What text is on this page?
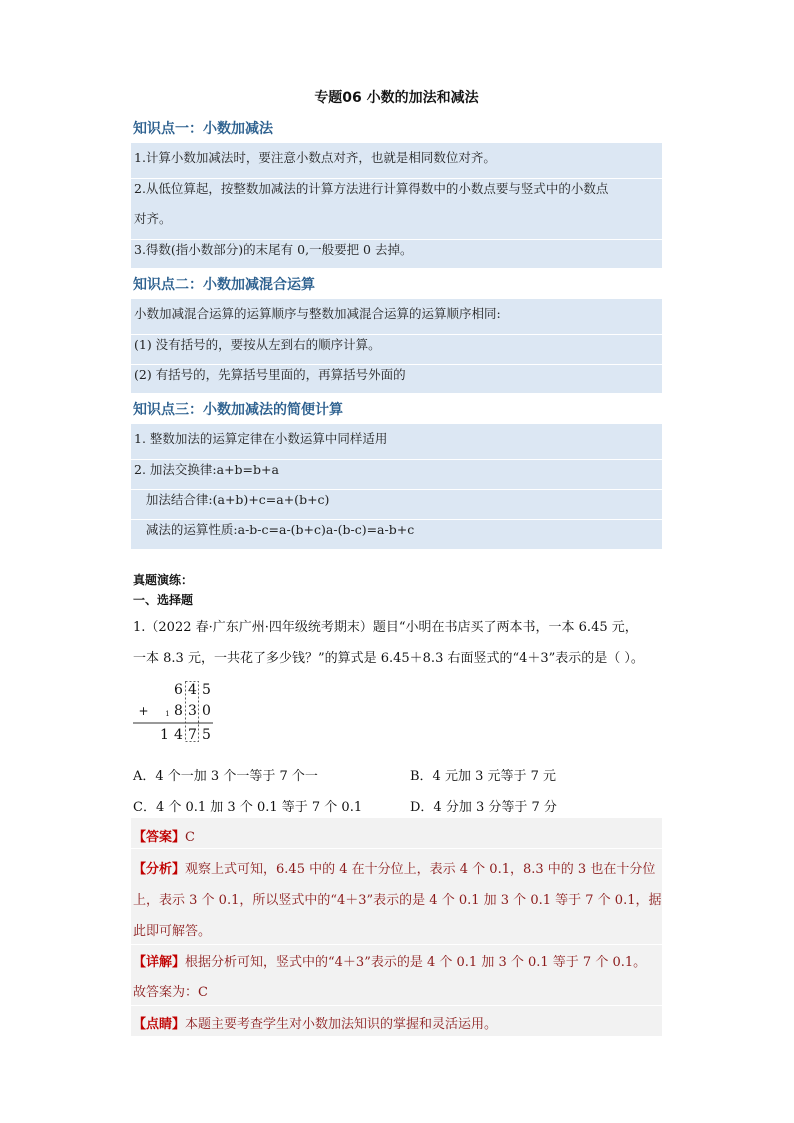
专题06 小数的加法和减法
知识点一：小数加减法
1.计算小数加减法时，要注意小数点对齐，也就是相同数位对齐。
2.从低位算起，按整数加减法的计算方法进行计算得数中的小数点要与竖式中的小数点
对齐。
3.得数(指小数部分)的末尾有 0,一般要把 0 去掉。
知识点二：小数加减混合运算
小数加减混合运算的运算顺序与整数加减混合运算的运算顺序相同:
(1) 没有括号的，要按从左到右的顺序计算。
(2) 有括号的，先算括号里面的，再算括号外面的
知识点三：小数加减法的简便计算
1. 整数加法的运算定律在小数运算中同样适用
2. 加法交换律:a+b=b+a
加法结合律:(a+b)+c=a+(b+c)
减法的运算性质:a-b-c=a-(b+c)a-(b-c)=a-b+c
真题演练：
一、选择题
1.（2022 春·广东广州·四年级统考期末）题目“小明在书店买了两本书，一本 6.45 元，
一本 8.3 元，一共花了多少钱？”的算式是 6.45＋8.3 右面竖式的“4＋3”表示的是（ ）。
6 4 5
+	1 8 3 0
1 4 7 5
A．4 个一加 3 个一等于 7 个一	B．4 元加 3 元等于 7 元
C．4 个 0.1 加 3 个 0.1 等于 7 个 0.1	D．4 分加 3 分等于 7 分
【答案】C
【分析】观察上式可知，6.45 中的 4 在十分位上，表示 4 个 0.1，8.3 中的 3 也在十分位
上，表示 3 个 0.1，所以竖式中的“4＋3”表示的是 4 个 0.1 加 3 个 0.1 等于 7 个 0.1，据
此即可解答。
【详解】根据分析可知，竖式中的“4＋3”表示的是 4 个 0.1 加 3 个 0.1 等于 7 个 0.1。
故答案为：C
【点睛】本题主要考查学生对小数加法知识的掌握和灵活运用。
